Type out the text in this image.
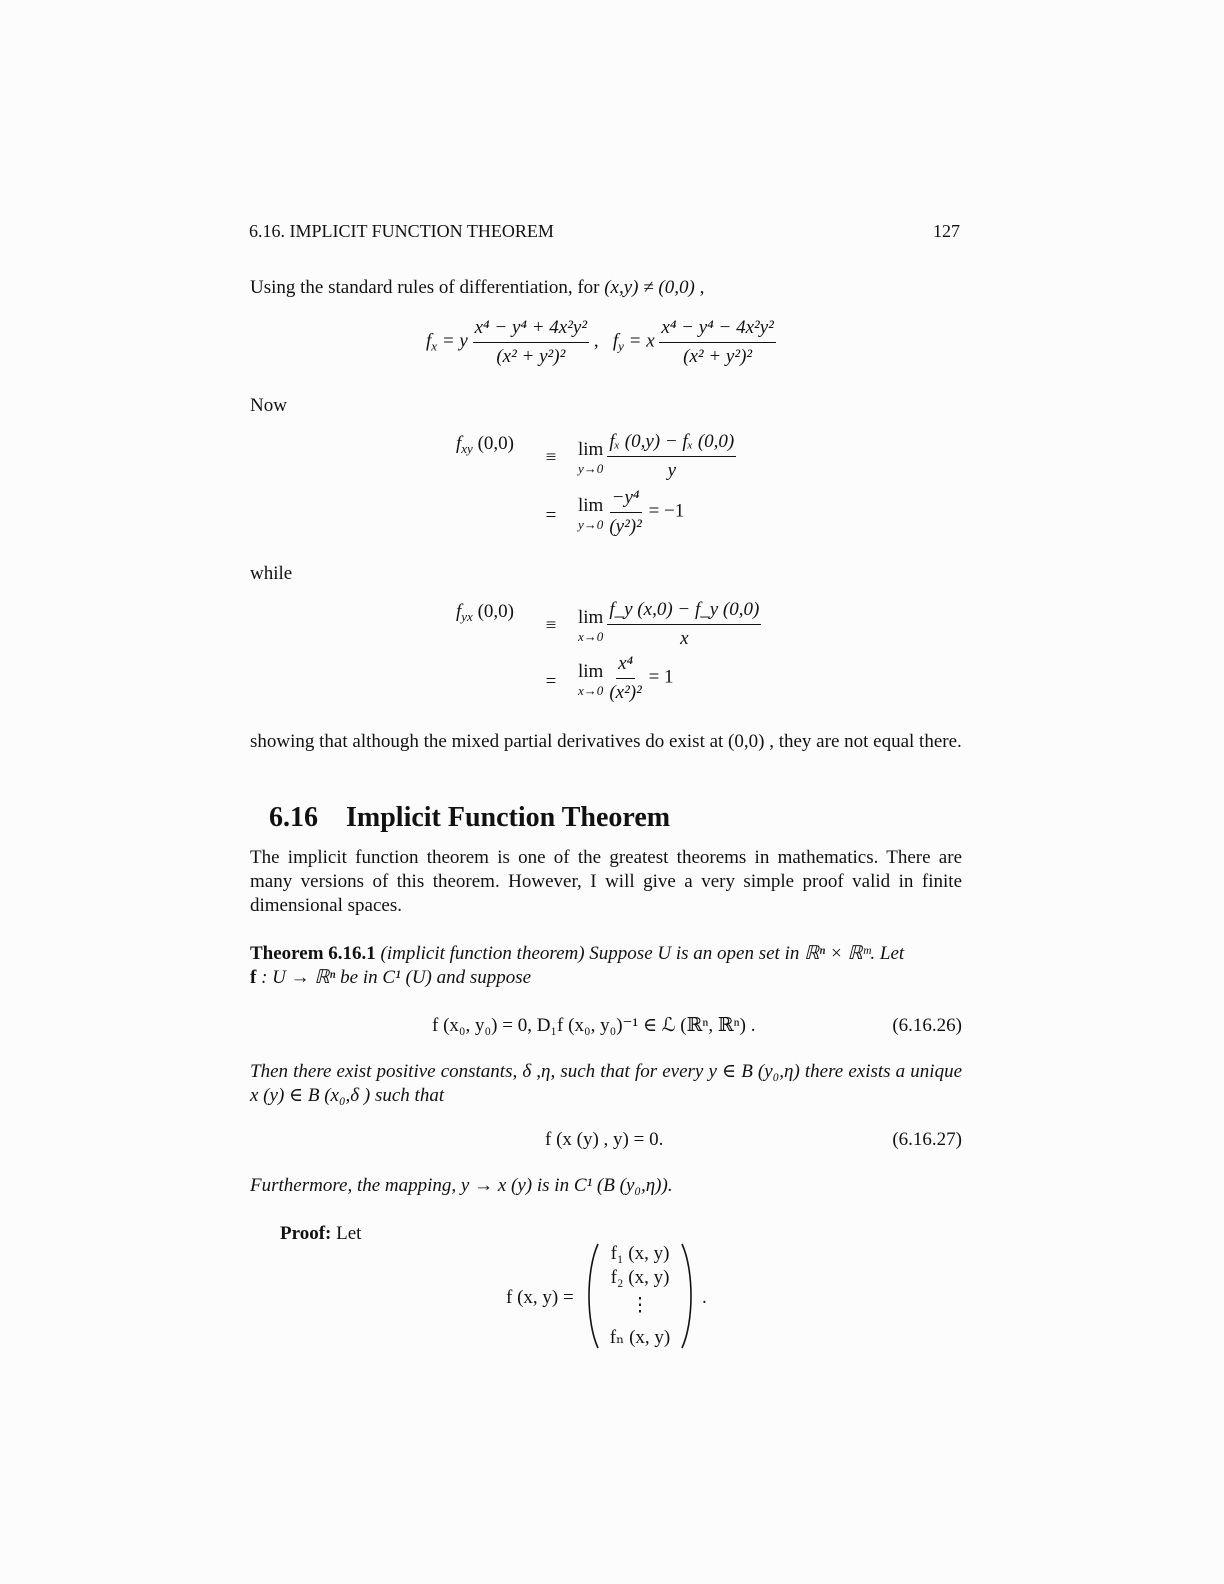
6.16. IMPLICIT FUNCTION THEOREM	127
Using the standard rules of differentiation, for (x,y) ≠ (0,0) ,
$f_x = y \frac{\text{x⁴ − y⁴ + 4x²y²}}{\text{(x² + y²)²}}$ ,   $f_y = x \frac{\text{x⁴ − y⁴ − 4x²y²}}{\text{(x² + y²)²}}$
Now
$f_{xy}$ (0,0)
≡	lim
$y\to 0 \frac{\text{fₓ (0,y) − fₓ (0,0)}}{y}$
=	lim
$y\to 0 \frac{\text{−y⁴}}{\text{(y²)²}} = -1$
while
$f_{yx}$ (0,0)
≡	lim
$x\to 0 \frac{f\_y (x,0) - f\_y (0,0)}{x}$
=	lim
$x\to 0 \frac{\text{x⁴}}{\text{(x²)²}} = 1$
showing that although the mixed partial derivatives do exist at (0,0) , they are not equal there.
6.16 Implicit Function Theorem
The implicit function theorem is one of the greatest theorems in mathematics. There are many versions of this theorem. However, I will give a very simple proof valid in finite dimensional spaces.
Theorem 6.16.1 (implicit function theorem) Suppose U is an open set in ℝⁿ × ℝᵐ. Let
f : U → ℝⁿ be in C¹ (U) and suppose
f (x₀, y₀) = 0, D₁f (x₀, y₀)⁻¹ ∈ ℒ (ℝⁿ, ℝⁿ) .	(6.16.26)
Then there exist positive constants, δ ,η, such that for every y ∈ B (y₀,η) there exists a unique x (y) ∈ B (x₀,δ ) such that
f (x (y) , y) = 0.	(6.16.27)
Furthermore, the mapping, y → x (y) is in C¹ (B (y₀,η)).
Proof: Let
f (x, y) =
f₁ (x, y)
f₂ (x, y)
⋮
fₙ (x, y)
.
